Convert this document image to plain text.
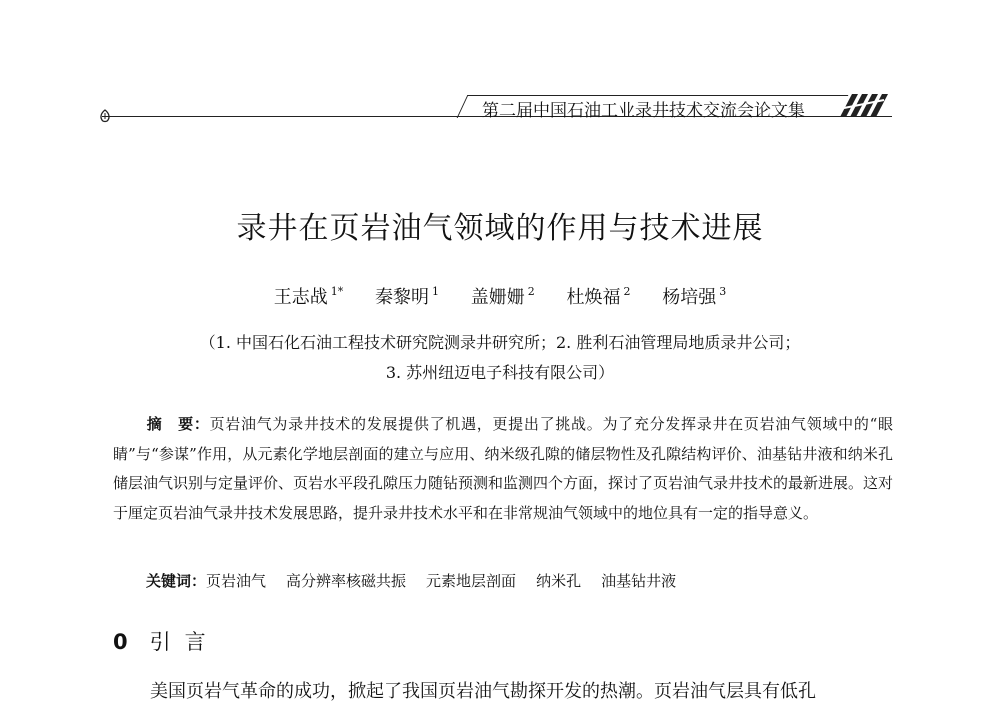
第二届中国石油工业录井技术交流会论文集
录井在页岩油气领域的作用与技术进展
王志战 $^{1*}$ 秦黎明 $^1$ 盖姗姗 $^2$ 杜焕福 $^2$ 杨培强 $^3$
（1. 中国石化石油工程技术研究院测录井研究所；2. 胜利石油管理局地质录井公司；
3. 苏州纽迈电子科技有限公司）
摘　要：页岩油气为录井技术的发展提供了机遇，更提出了挑战。为了充分发挥录井在页岩油气领域中的“眼睛”与“参谋”作用，从元素化学地层剖面的建立与应用、纳米级孔隙的储层物性及孔隙结构评价、油基钻井液和纳米孔储层油气识别与定量评价、页岩水平段孔隙压力随钻预测和监测四个方面，探讨了页岩油气录井技术的最新进展。这对于厘定页岩油气录井技术发展思路，提升录井技术水平和在非常规油气领域中的地位具有一定的指导意义。
关键词：页岩油气 高分辨率核磁共振 元素地层剖面 纳米孔 油基钻井液
0 引言
美国页岩气革命的成功，掀起了我国页岩油气勘探开发的热潮。页岩油气层具有低孔
